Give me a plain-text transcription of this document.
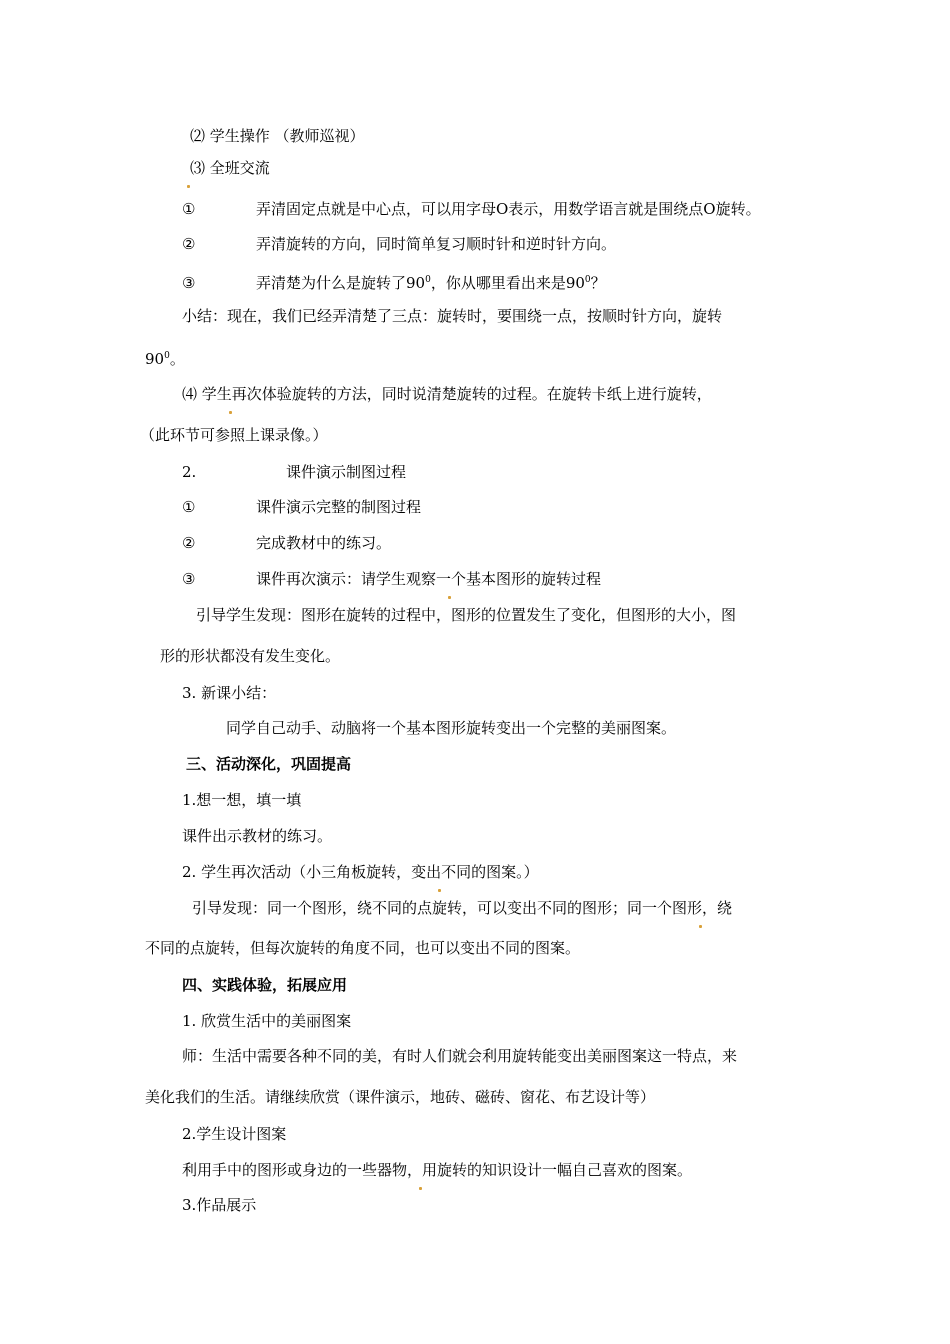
⑵ 学生操作 （教师巡视）
⑶ 全班交流
①	弄清固定点就是中心点，可以用字母O表示，用数学语言就是围绕点O旋转。
②	弄清旋转的方向，同时简单复习顺时针和逆时针方向。
③	弄清楚为什么是旋转了$90^0$，你从哪里看出来是$90^0$？
小结：现在，我们已经弄清楚了三点：旋转时，要围绕一点，按顺时针方向，旋转
$90^0$。
⑷ 学生再次体验旋转的方法，同时说清楚旋转的过程。在旋转卡纸上进行旋转，
（此环节可参照上课录像。）
2.	课件演示制图过程
①	课件演示完整的制图过程
②	完成教材中的练习。
③	课件再次演示：请学生观察一个基本图形的旋转过程
引导学生发现：图形在旋转的过程中，图形的位置发生了变化，但图形的大小，图
形的形状都没有发生变化。
3. 新课小结：
同学自己动手、动脑将一个基本图形旋转变出一个完整的美丽图案。
三、活动深化，巩固提高
1.想一想，填一填
课件出示教材的练习。
2. 学生再次活动（小三角板旋转，变出不同的图案。）
引导发现：同一个图形，绕不同的点旋转，可以变出不同的图形；同一个图形，绕
不同的点旋转，但每次旋转的角度不同，也可以变出不同的图案。
四、实践体验，拓展应用
1. 欣赏生活中的美丽图案
师：生活中需要各种不同的美，有时人们就会利用旋转能变出美丽图案这一特点，来
美化我们的生活。请继续欣赏（课件演示，地砖、磁砖、窗花、布艺设计等）
2.学生设计图案
利用手中的图形或身边的一些器物，用旋转的知识设计一幅自己喜欢的图案。
3.作品展示
